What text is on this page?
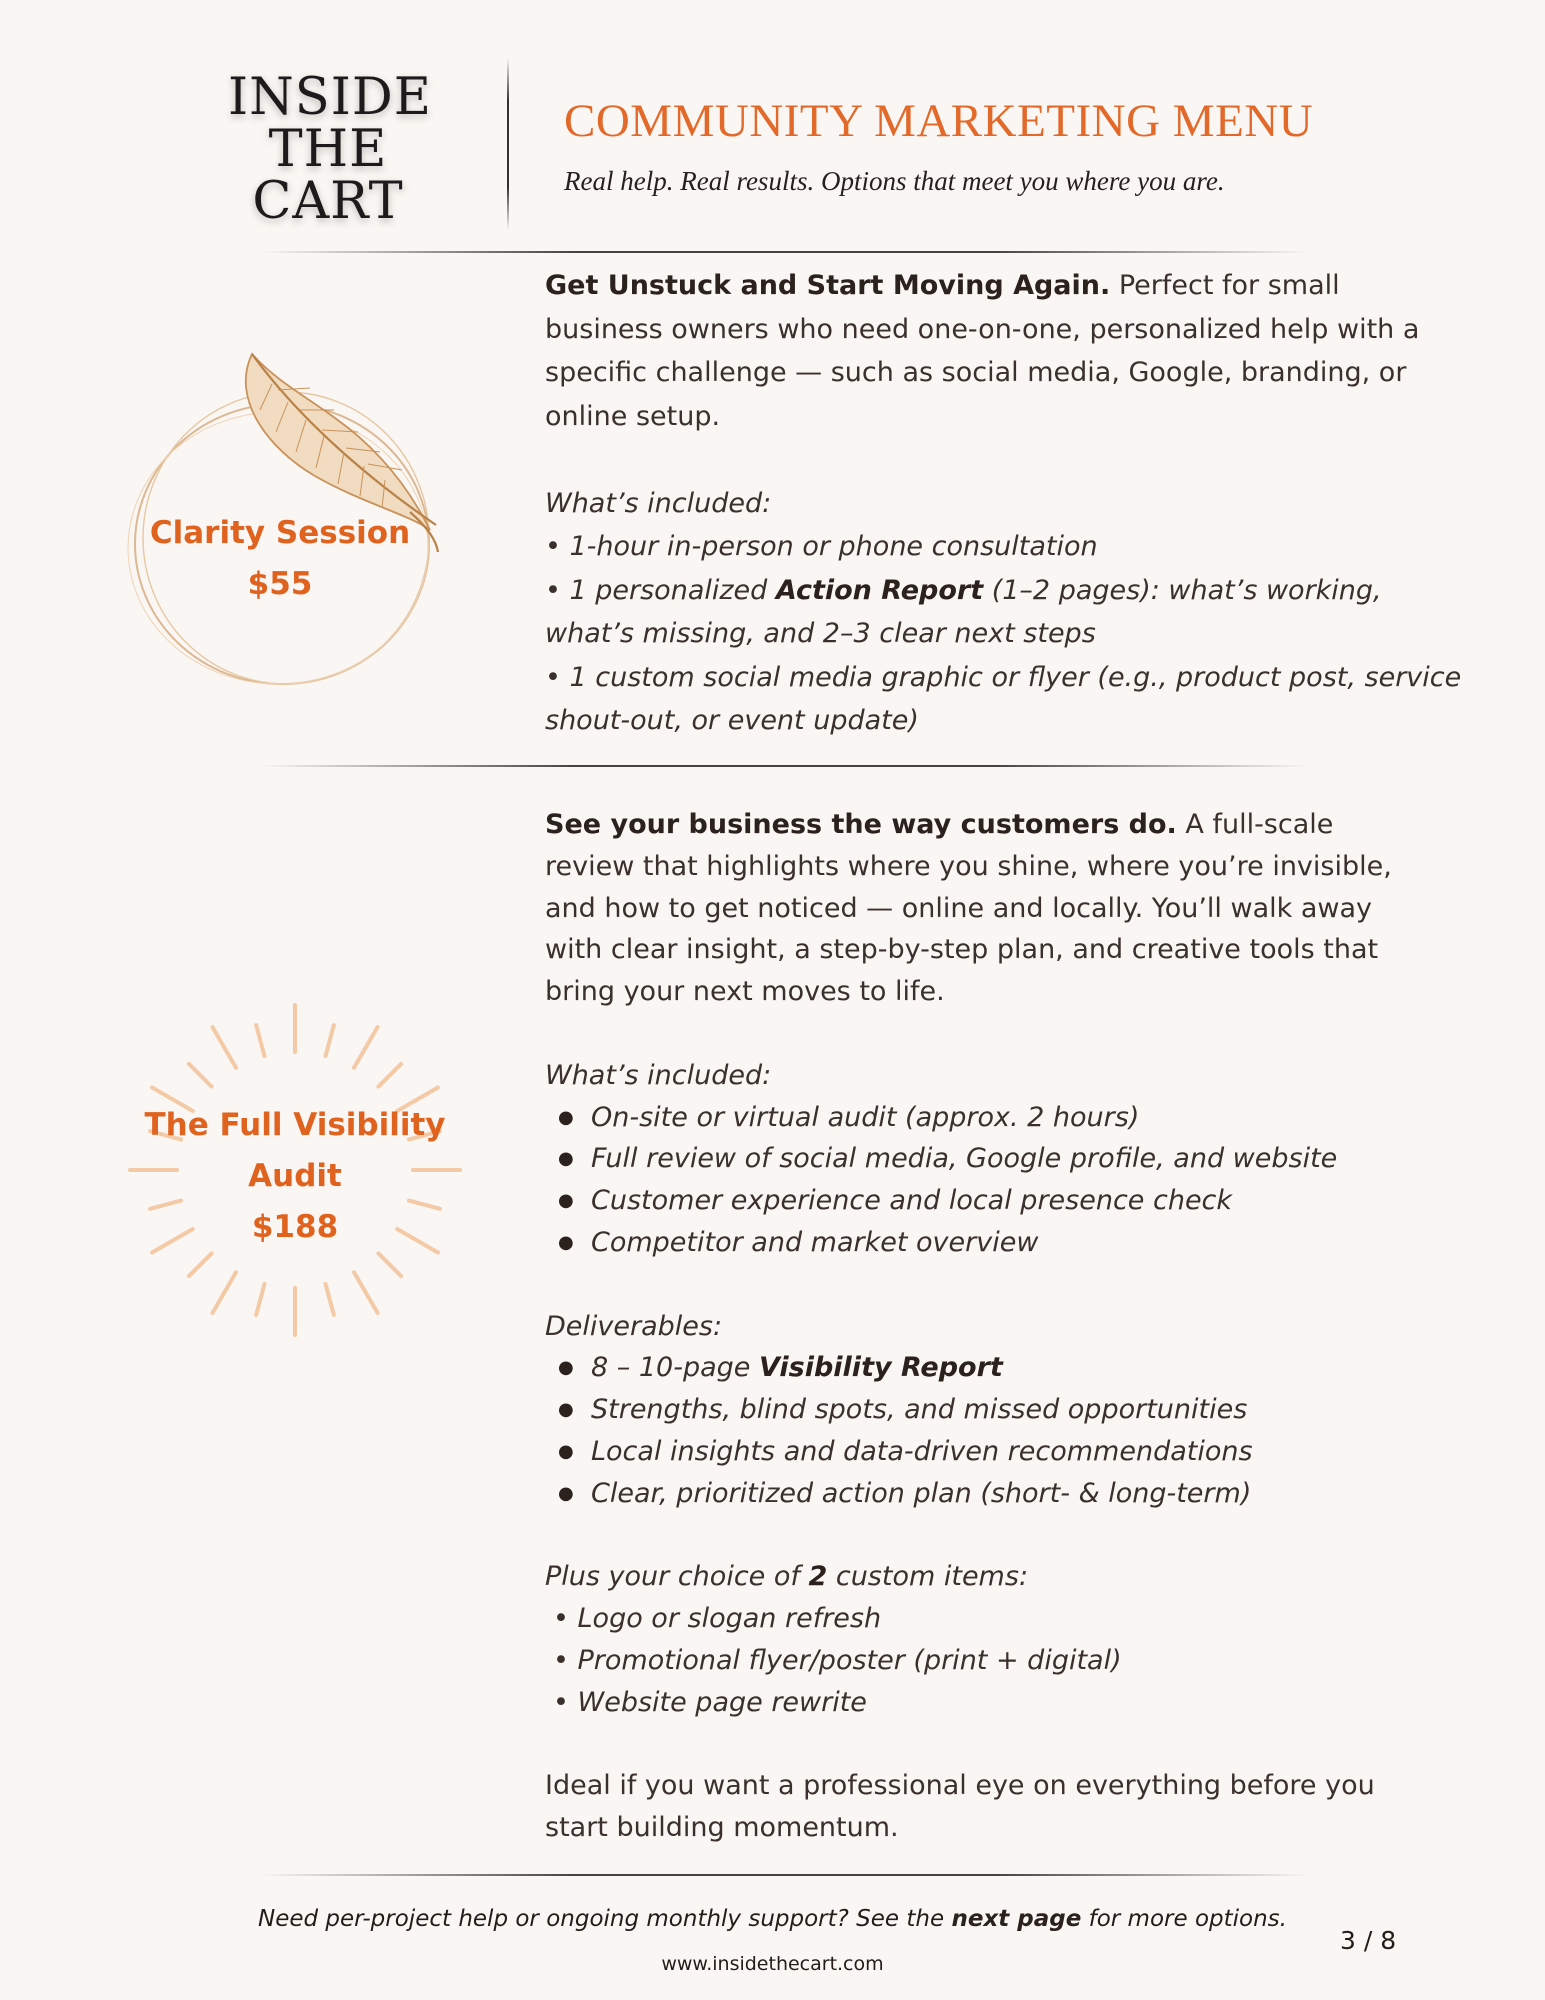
INSIDE
THE
CART
COMMUNITY MARKETING MENU
Real help. Real results. Options that meet you where you are.
Clarity Session
$55

Get Unstuck and Start Moving Again. Perfect for small business owners who need one-on-one, personalized help with a specific challenge — such as social media, Google, branding, or online setup.

What’s included:

• 1-hour in-person or phone consultation

• 1 personalized Action Report (1–2 pages): what’s working, what’s missing, and 2–3 clear next steps

• 1 custom social media graphic or flyer (e.g., product post, service shout-out, or event update)

The Full Visibility
Audit
$188

See your business the way customers do. A full-scale review that highlights where you shine, where you’re invisible, and how to get noticed — online and locally. You’ll walk away with clear insight, a step-by-step plan, and creative tools that bring your next moves to life.

What’s included:

● On-site or virtual audit (approx. 2 hours)
● Full review of social media, Google profile, and website
● Customer experience and local presence check
● Competitor and market overview

Deliverables:

● 8 – 10-page Visibility Report
● Strengths, blind spots, and missed opportunities
● Local insights and data-driven recommendations
● Clear, prioritized action plan (short- & long-term)

Plus your choice of 2 custom items:

• Logo or slogan refresh

• Promotional flyer/poster (print + digital)

• Website page rewrite

Ideal if you want a professional eye on everything before you start building momentum.

Need per-project help or ongoing monthly support? See the next page for more options.
www.insidethecart.com
3 / 8
